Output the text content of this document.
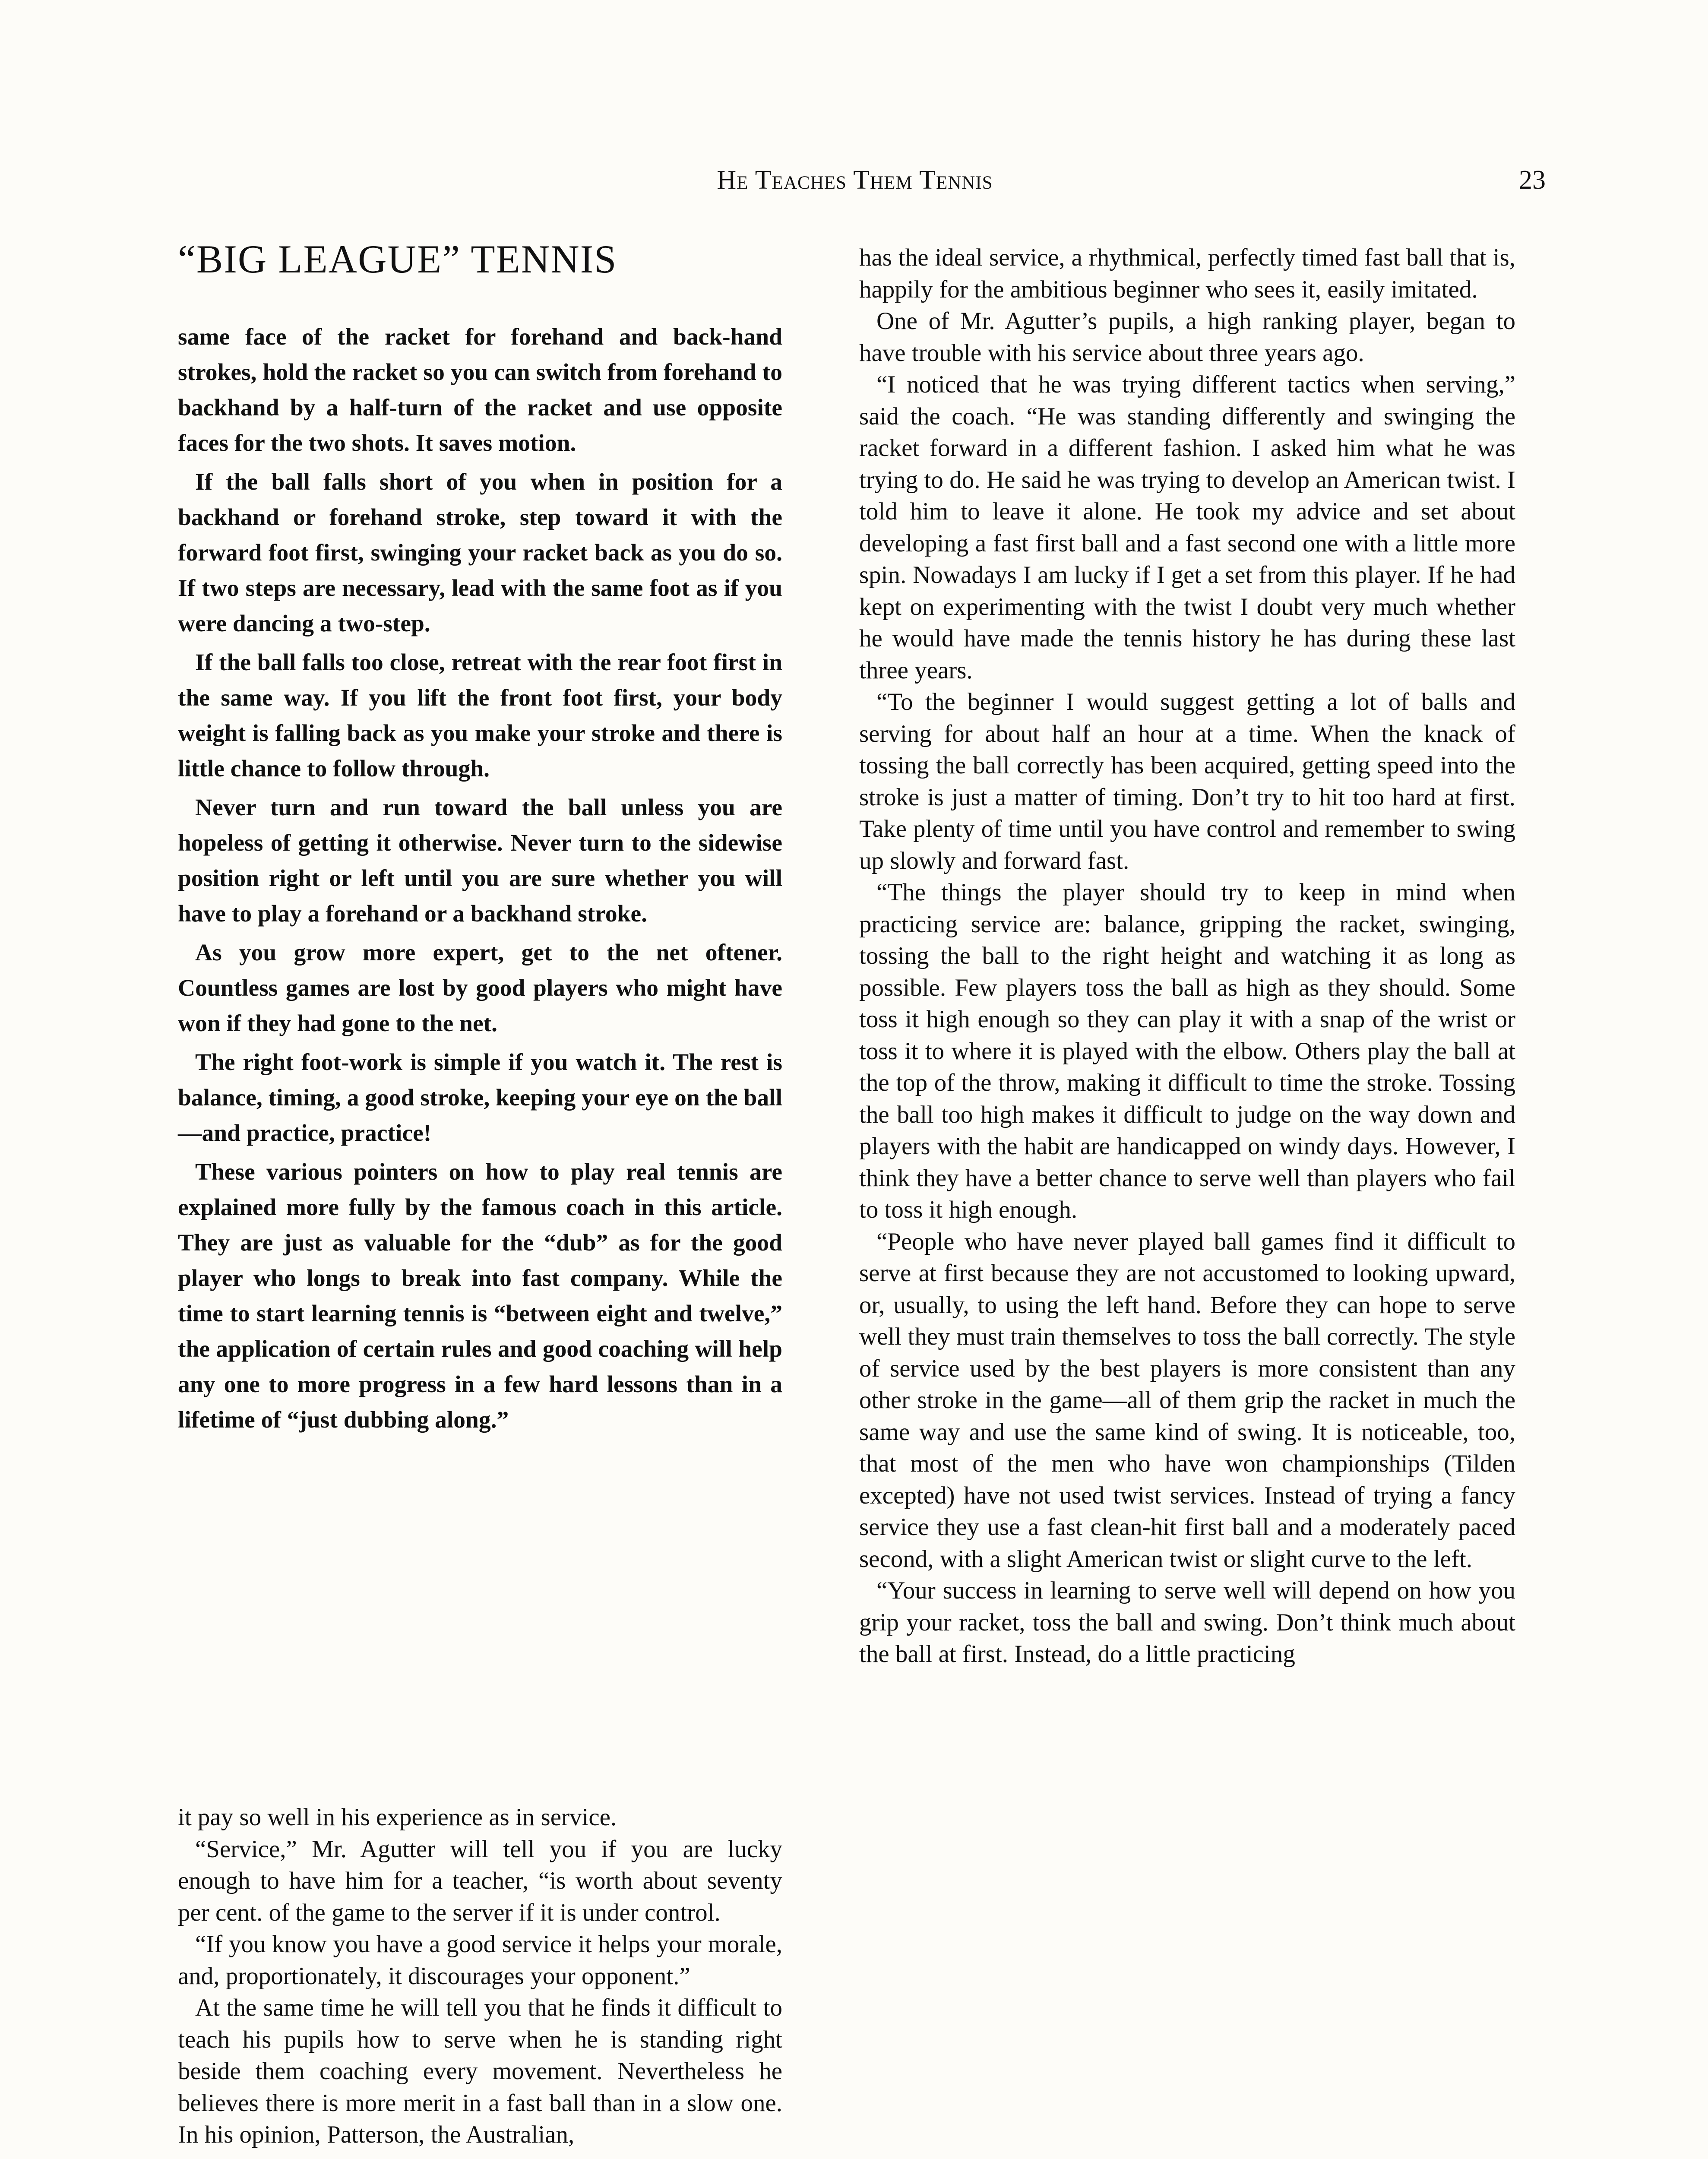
He Teaches Them Tennis	23
“BIG LEAGUE” TENNIS

same face of the racket for forehand and back-hand strokes, hold the racket so you can switch from forehand to backhand by a half-turn of the racket and use opposite faces for the two shots. It saves motion.

If the ball falls short of you when in position for a backhand or forehand stroke, step toward it with the forward foot first, swinging your racket back as you do so. If two steps are necessary, lead with the same foot as if you were dancing a two-step.

If the ball falls too close, retreat with the rear foot first in the same way. If you lift the front foot first, your body weight is falling back as you make your stroke and there is little chance to follow through.

Never turn and run toward the ball unless you are hopeless of getting it otherwise. Never turn to the sidewise position right or left until you are sure whether you will have to play a forehand or a backhand stroke.

As you grow more expert, get to the net oftener. Countless games are lost by good players who might have won if they had gone to the net.

The right foot-work is simple if you watch it. The rest is balance, timing, a good stroke, keeping your eye on the ball—and practice, practice!

These various pointers on how to play real tennis are explained more fully by the famous coach in this article. They are just as valuable for the “dub” as for the good player who longs to break into fast company. While the time to start learning tennis is “between eight and twelve,” the application of certain rules and good coaching will help any one to more progress in a few hard lessons than in a lifetime of “just dubbing along.”

it pay so well in his experience as in service.

“Service,” Mr. Agutter will tell you if you are lucky enough to have him for a teacher, “is worth about seventy per cent. of the game to the server if it is under control.

“If you know you have a good service it helps your morale, and, proportionately, it discourages your opponent.”

At the same time he will tell you that he finds it difficult to teach his pupils how to serve when he is standing right beside them coaching every movement. Nevertheless he believes there is more merit in a fast ball than in a slow one. In his opinion, Patterson, the Australian,

has the ideal service, a rhythmical, perfectly timed fast ball that is, happily for the ambitious beginner who sees it, easily imitated.

One of Mr. Agutter’s pupils, a high ranking player, began to have trouble with his service about three years ago.

“I noticed that he was trying different tactics when serving,” said the coach. “He was standing differently and swinging the racket forward in a different fashion. I asked him what he was trying to do. He said he was trying to develop an American twist. I told him to leave it alone. He took my advice and set about developing a fast first ball and a fast second one with a little more spin. Nowadays I am lucky if I get a set from this player. If he had kept on experimenting with the twist I doubt very much whether he would have made the tennis history he has during these last three years.

“To the beginner I would suggest getting a lot of balls and serving for about half an hour at a time. When the knack of tossing the ball correctly has been acquired, getting speed into the stroke is just a matter of timing. Don’t try to hit too hard at first. Take plenty of time until you have control and remember to swing up slowly and forward fast.

“The things the player should try to keep in mind when practicing service are: balance, gripping the racket, swinging, tossing the ball to the right height and watching it as long as possible. Few players toss the ball as high as they should. Some toss it high enough so they can play it with a snap of the wrist or toss it to where it is played with the elbow. Others play the ball at the top of the throw, making it difficult to time the stroke. Tossing the ball too high makes it difficult to judge on the way down and players with the habit are handicapped on windy days. However, I think they have a better chance to serve well than players who fail to toss it high enough.

“People who have never played ball games find it difficult to serve at first because they are not accustomed to looking upward, or, usually, to using the left hand. Before they can hope to serve well they must train themselves to toss the ball correctly. The style of service used by the best players is more consistent than any other stroke in the game—all of them grip the racket in much the same way and use the same kind of swing. It is noticeable, too, that most of the men who have won championships (Tilden excepted) have not used twist services. Instead of trying a fancy service they use a fast clean-hit first ball and a moderately paced second, with a slight American twist or slight curve to the left.

“Your success in learning to serve well will depend on how you grip your racket, toss the ball and swing. Don’t think much about the ball at first. Instead, do a little practicing
